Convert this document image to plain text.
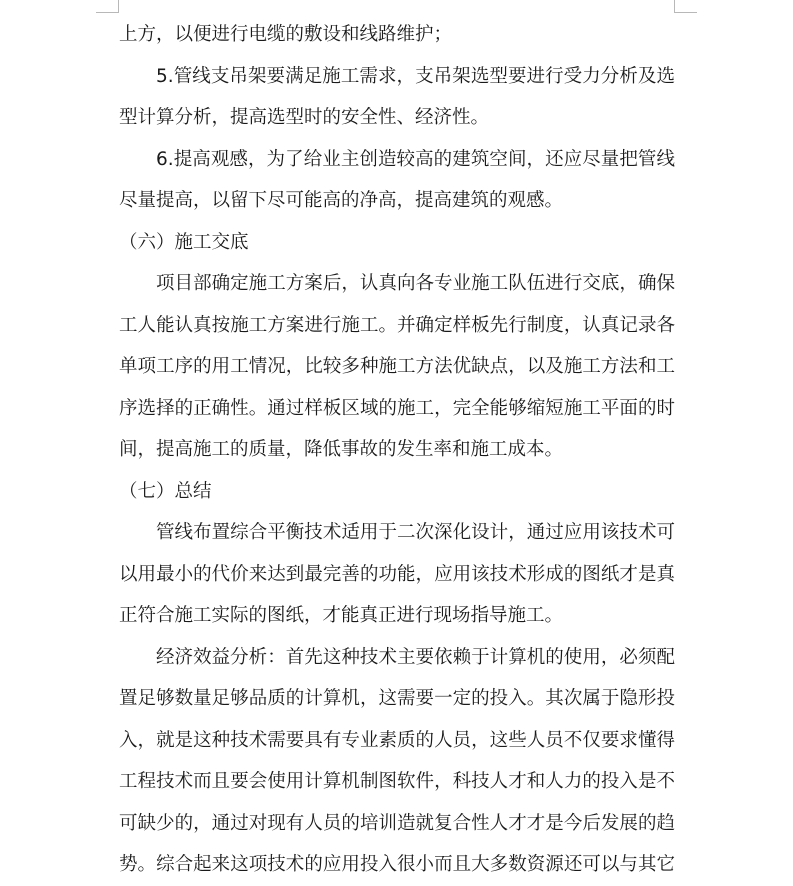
上方，以便进行电缆的敷设和线路维护；
5.管线支吊架要满足施工需求，支吊架选型要进行受力分析及选
型计算分析，提高选型时的安全性、经济性。
6.提高观感，为了给业主创造较高的建筑空间，还应尽量把管线
尽量提高，以留下尽可能高的净高，提高建筑的观感。
（六）施工交底
项目部确定施工方案后，认真向各专业施工队伍进行交底，确保
工人能认真按施工方案进行施工。并确定样板先行制度，认真记录各
单项工序的用工情况，比较多种施工方法优缺点，以及施工方法和工
序选择的正确性。通过样板区域的施工，完全能够缩短施工平面的时
间，提高施工的质量，降低事故的发生率和施工成本。
（七）总结
管线布置综合平衡技术适用于二次深化设计，通过应用该技术可
以用最小的代价来达到最完善的功能，应用该技术形成的图纸才是真
正符合施工实际的图纸，才能真正进行现场指导施工。
经济效益分析：首先这种技术主要依赖于计算机的使用，必须配
置足够数量足够品质的计算机，这需要一定的投入。其次属于隐形投
入，就是这种技术需要具有专业素质的人员，这些人员不仅要求懂得
工程技术而且要会使用计算机制图软件，科技人才和人力的投入是不
可缺少的，通过对现有人员的培训造就复合性人才才是今后发展的趋
势。综合起来这项技术的应用投入很小而且大多数资源还可以与其它
